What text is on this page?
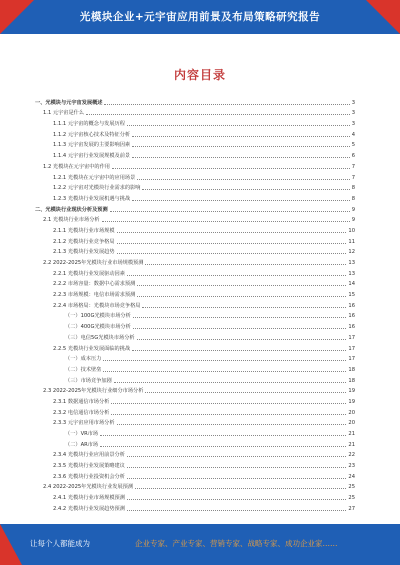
光模块企业+元宇宙应用前景及布局策略研究报告
内容目录
一、光模块与元宇宙发展概述	3
1.1 元宇宙是什么	3
1.1.1 元宇宙的概念与发展历程	3
1.1.2 元宇宙核心技术及特征分析	4
1.1.3 元宇宙发展的主要影响因素	5
1.1.4 元宇宙行业发展规模及前景	6
1.2 光模块在元宇宙中的作用	7
1.2.1 光模块在元宇宙中的应用场景	7
1.2.2 元宇宙对光模块行业需求的影响	8
1.2.3 光模块行业发展机遇与挑战	8
二、光模块行业现状分析及预测	9
2.1 光模块行业市场分析	9
2.1.1 光模块行业市场规模	10
2.1.2 光模块行业竞争格局	11
2.1.3 光模块行业发展趋势	12
2.2 2022-2025年光模块行业市场规模预测	13
2.2.1 光模块行业发展驱动因素	13
2.2.2 市场容量：数据中心需求预测	14
2.2.3 市场规模：电信市场需求预测	15
2.2.4 市场格局：光模块市场竞争格局	16
（一）100G光模块市场分析	16
（二）400G光模块市场分析	16
（三）电信5G光模块市场分析	17
2.2.5 光模块行业发展面临的挑战	17
（一）成本压力	17
（二）技术壁垒	18
（三）市场竞争加剧	18
2.3 2022-2025年光模块行业细分市场分析	19
2.3.1 数据通信市场分析	19
2.3.2 电信通信市场分析	20
2.3.3 元宇宙应用市场分析	20
（一）VR市场	21
（二）AR市场	21
2.3.4 光模块行业应用前景分析	22
2.3.5 光模块行业发展策略建议	23
2.3.6 光模块行业投资机会分析	24
2.4 2022-2025年光模块行业发展预测	25
2.4.1 光模块行业市场规模预测	25
2.4.2 光模块行业发展趋势预测	27
让每个人都能成为	企业专家、产业专家、营销专家、战略专家、成功企业家……
